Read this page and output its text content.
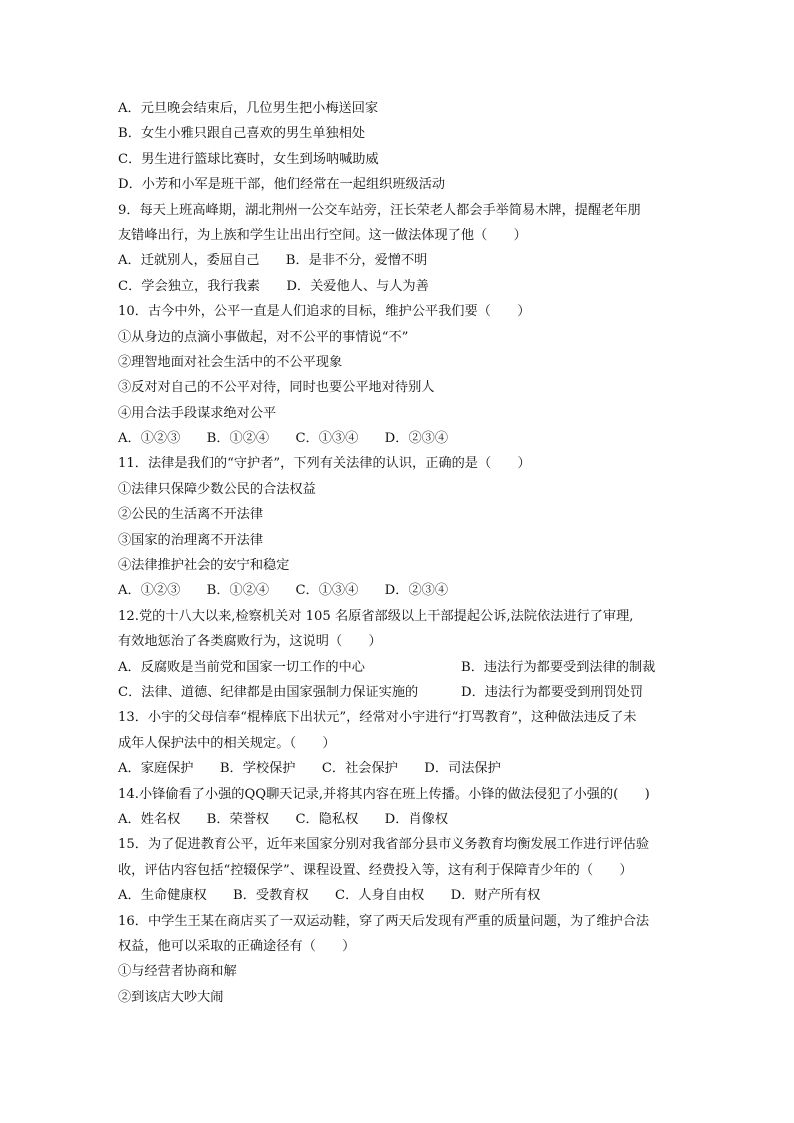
A．元旦晚会结束后，几位男生把小梅送回家
B．女生小雅只跟自己喜欢的男生单独相处
C．男生进行篮球比赛时，女生到场呐喊助威
D．小芳和小军是班干部，他们经常在一起组织班级活动
9．每天上班高峰期，湖北荆州一公交车站旁，汪长荣老人都会手举简易木牌，提醒老年朋
友错峰出行，为上族和学生让出出行空间。这一做法体现了他（　　）
A．迁就别人，委屈自己　　B．是非不分，爱憎不明
C．学会独立，我行我素　　D．关爱他人、与人为善
10．古今中外，公平一直是人们追求的目标，维护公平我们要（　　）
①从身边的点滴小事做起，对不公平的事情说“不”
②理智地面对社会生活中的不公平现象
③反对对自己的不公平对待，同时也要公平地对待别人
④用合法手段谋求绝对公平
A．①②③　　B．①②④　　C．①③④　　D．②③④
11．法律是我们的“守护者”，下列有关法律的认识，正确的是（　　）
①法律只保障少数公民的合法权益
②公民的生活离不开法律
③国家的治理离不开法律
④法律推护社会的安宁和稳定
A．①②③　　B．①②④　　C．①③④　　D．②③④
12.党的十八大以来,检察机关对 105 名原省部级以上干部提起公诉,法院依法进行了审理,
有效地惩治了各类腐败行为，这说明（　　）
A．反腐败是当前党和国家一切工作的中心	B．违法行为都要受到法律的制裁
C．法律、道德、纪律都是由国家强制力保证实施的	D．违法行为都要受到刑罚处罚
13．小宇的父母信奉“棍棒底下出状元”，经常对小宇进行“打骂教育”，这种做法违反了未
成年人保护法中的相关规定。（　　）
A．家庭保护　　B．学校保护　　C．社会保护　　D．司法保护
14.小锋偷看了小强的QQ聊天记录,并将其内容在班上传播。小锋的做法侵犯了小强的(　　)
A．姓名权　　B．荣誉权　　C．隐私权　　D．肖像权
15．为了促进教育公平，近年来国家分别对我省部分县市义务教育均衡发展工作进行评估验
收，评估内容包括“控辍保学”、课程设置、经费投入等，这有利于保障青少年的（　　）
A．生命健康权　　B．受教育权　　C．人身自由权　　D．财产所有权
16．中学生王某在商店买了一双运动鞋，穿了两天后发现有严重的质量问题，为了维护合法
权益，他可以采取的正确途径有（　　）
①与经营者协商和解
②到该店大吵大闹
